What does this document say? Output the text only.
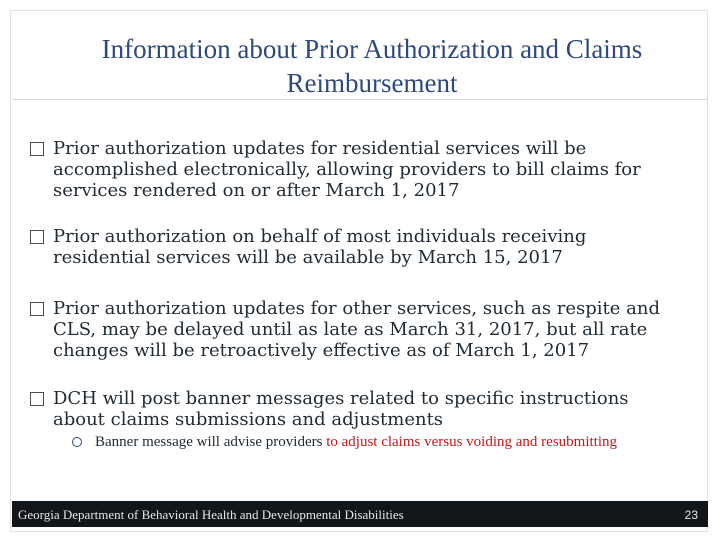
Information about Prior Authorization and Claims Reimbursement
Prior authorization updates for residential services will be accomplished electronically, allowing providers to bill claims for services rendered on or after March 1, 2017
Prior authorization on behalf of most individuals receiving residential services will be available by March 15, 2017
Prior authorization updates for other services, such as respite and CLS, may be delayed until as late as March 31, 2017, but all rate changes will be retroactively effective as of March 1, 2017
DCH will post banner messages related to specific instructions about claims submissions and adjustments
Banner message will advise providers to adjust claims versus voiding and resubmitting
Georgia Department of Behavioral Health and Developmental Disabilities	23
